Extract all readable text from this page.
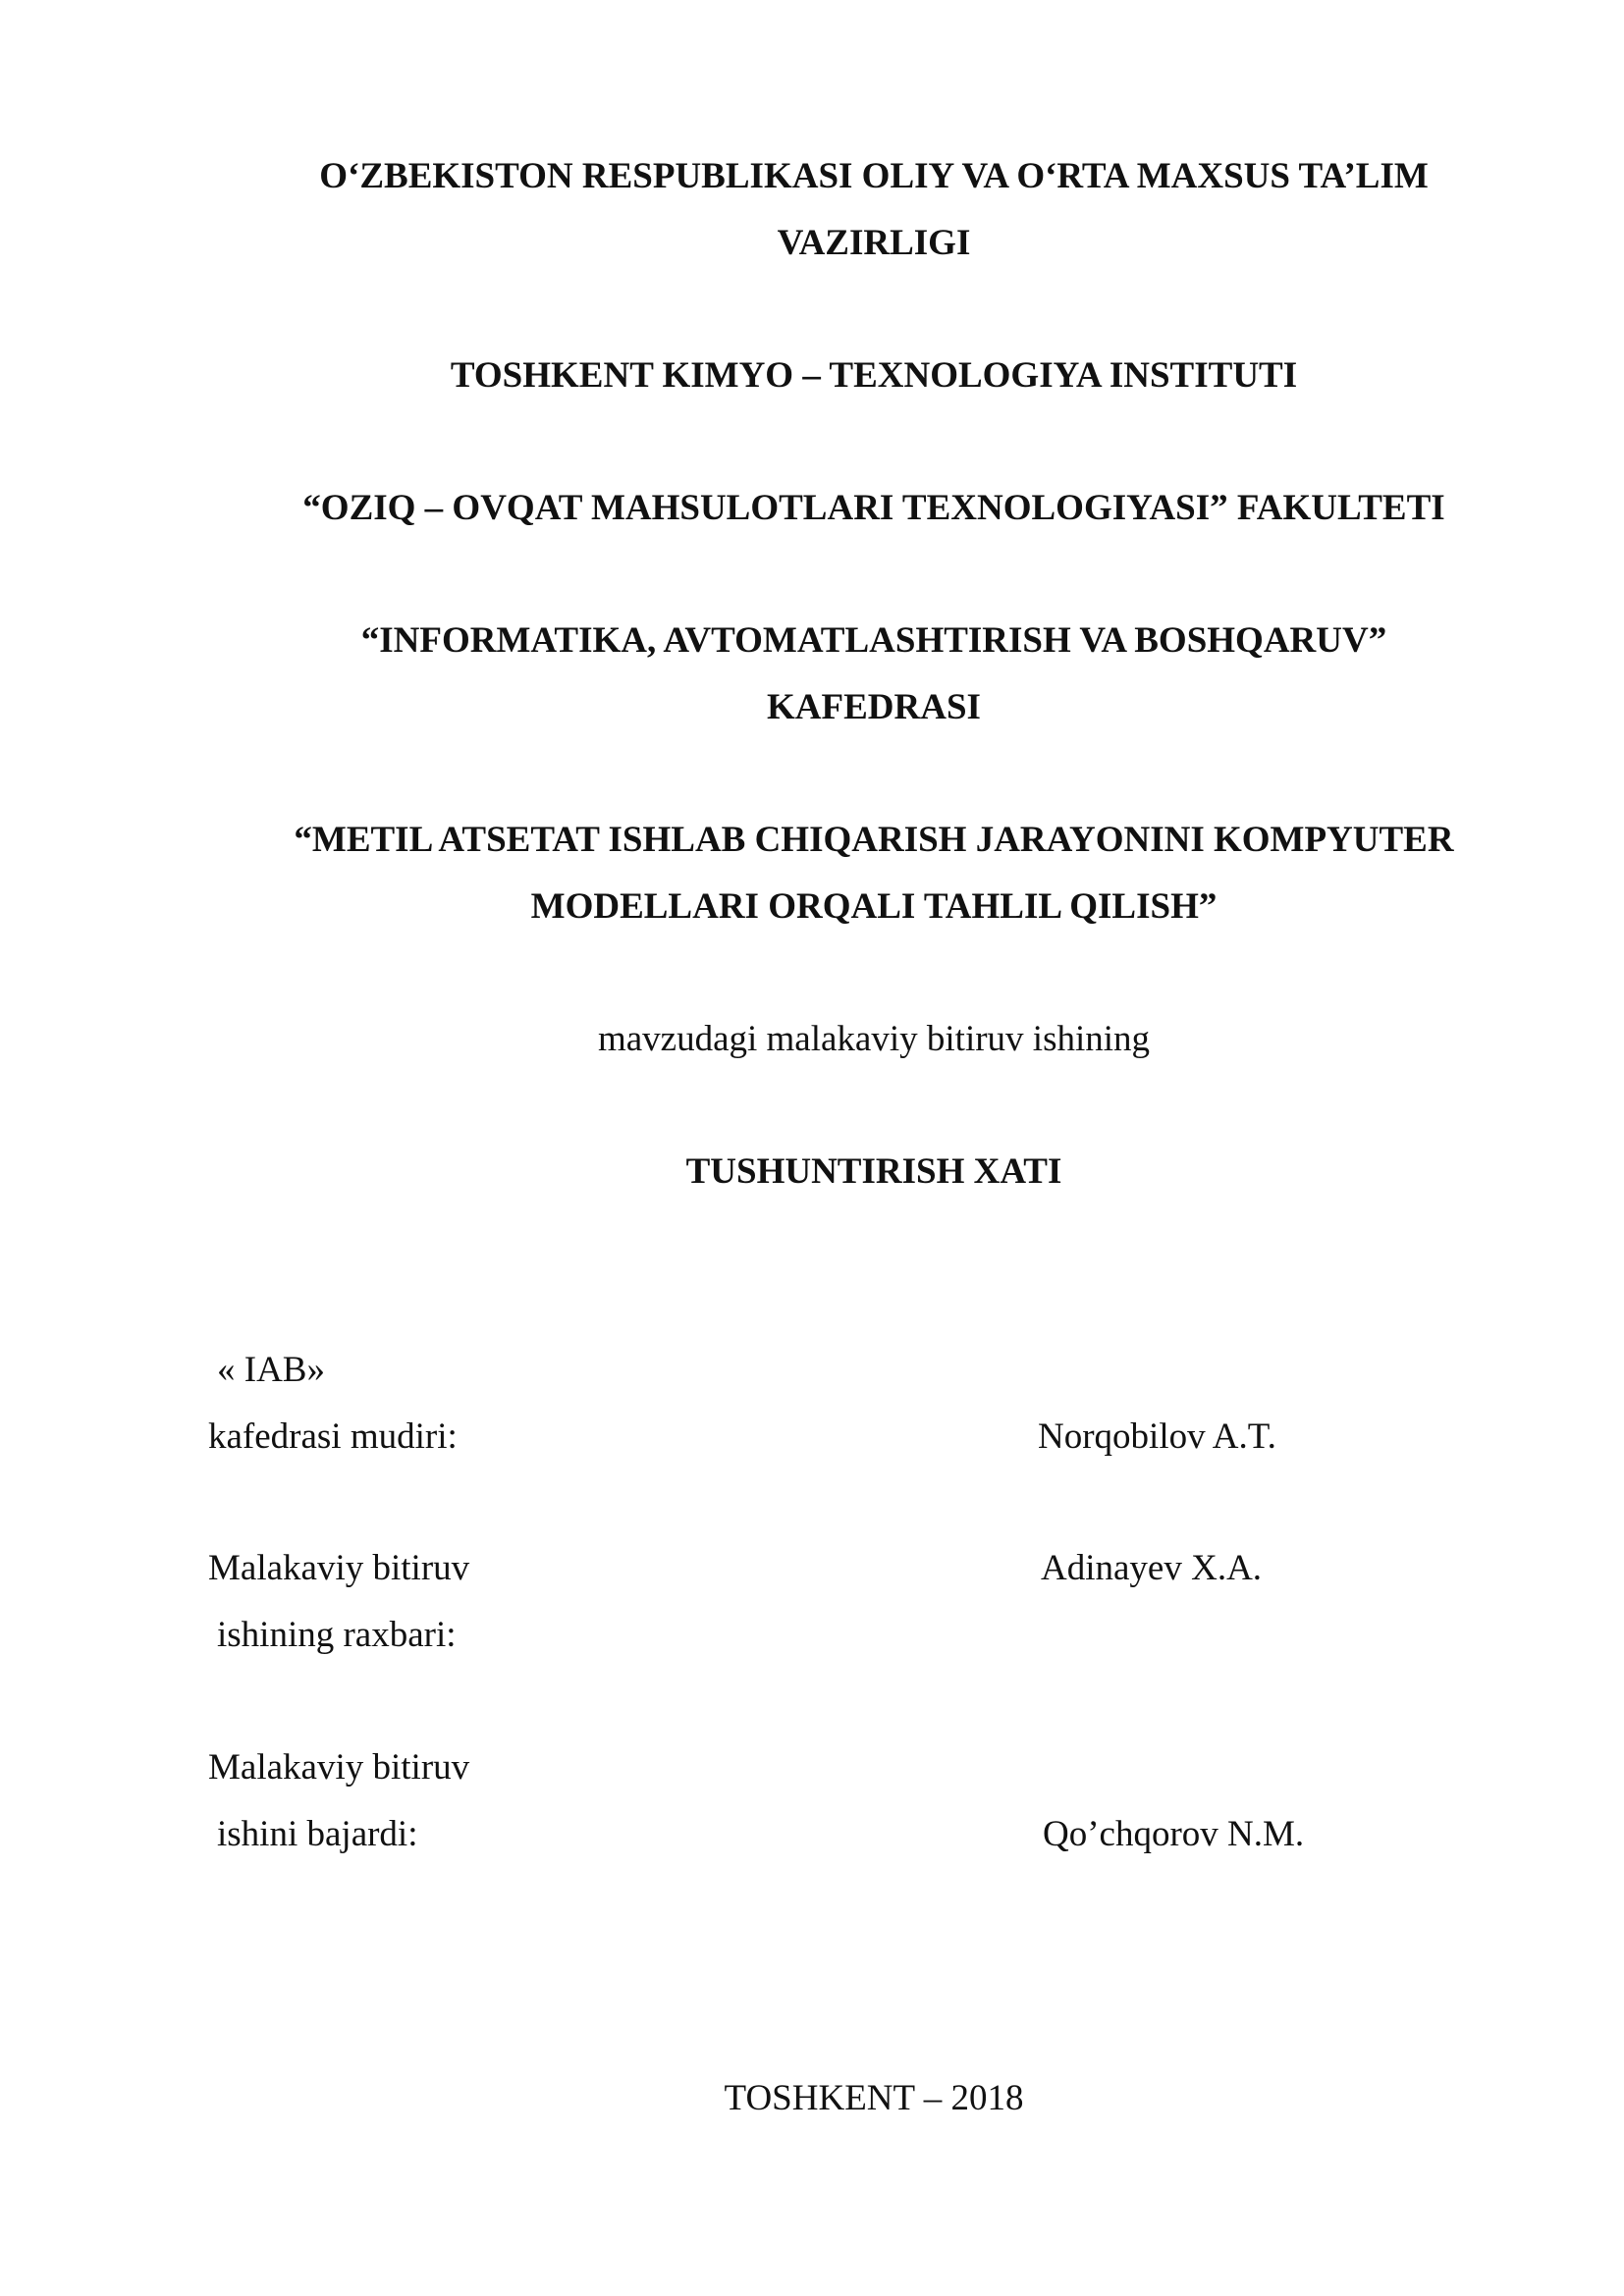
O‘ZBEKISTON RESPUBLIKASI OLIY VA O‘RTA MAXSUS TA’LIM
VAZIRLIGI
TOSHKENT KIMYO – TEXNOLOGIYA INSTITUTI
“OZIQ – OVQAT MAHSULOTLARI TEXNOLOGIYASI” FAKULTETI
“INFORMATIKA, AVTOMATLASHTIRISH VA BOSHQARUV”
KAFEDRASI
“METIL ATSETAT ISHLAB CHIQARISH JARAYONINI KOMPYUTER
MODELLARI ORQALI TAHLIL QILISH”
mavzudagi malakaviy bitiruv ishining
TUSHUNTIRISH XATI
« IAB»
kafedrasi mudiri:	Norqobilov A.T.
Malakaviy bitiruv	Adinayev X.A.
ishining raxbari:
Malakaviy bitiruv
ishini bajardi:	Qo’chqorov N.M.
TOSHKENT – 2018
